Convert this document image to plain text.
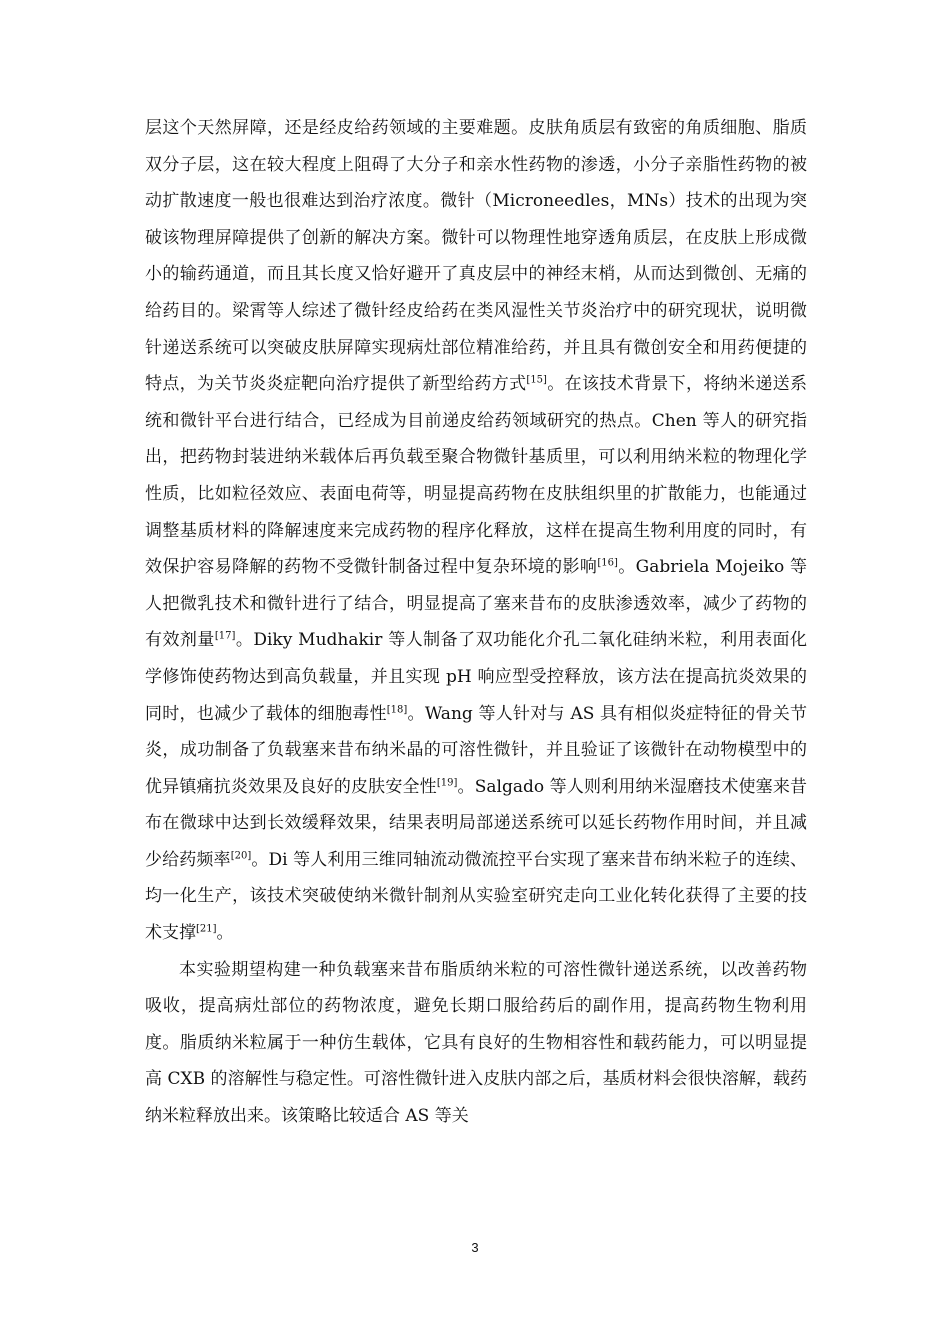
层这个天然屏障，还是经皮给药领域的主要难题。皮肤角质层有致密的角质细胞、脂质双分子层，这在较大程度上阻碍了大分子和亲水性药物的渗透，小分子亲脂性药物的被动扩散速度一般也很难达到治疗浓度。微针（Microneedles，MNs）技术的出现为突破该物理屏障提供了创新的解决方案。微针可以物理性地穿透角质层，在皮肤上形成微小的输药通道，而且其长度又恰好避开了真皮层中的神经末梢，从而达到微创、无痛的给药目的。梁霄等人综述了微针经皮给药在类风湿性关节炎治疗中的研究现状，说明微针递送系统可以突破皮肤屏障实现病灶部位精准给药，并且具有微创安全和用药便捷的特点，为关节炎炎症靶向治疗提供了新型给药方式[15]。在该技术背景下，将纳米递送系统和微针平台进行结合，已经成为目前递皮给药领域研究的热点。Chen 等人的研究指出，把药物封装进纳米载体后再负载至聚合物微针基质里，可以利用纳米粒的物理化学性质，比如粒径效应、表面电荷等，明显提高药物在皮肤组织里的扩散能力，也能通过调整基质材料的降解速度来完成药物的程序化释放，这样在提高生物利用度的同时，有效保护容易降解的药物不受微针制备过程中复杂环境的影响[16]。Gabriela Mojeiko 等人把微乳技术和微针进行了结合，明显提高了塞来昔布的皮肤渗透效率，减少了药物的有效剂量[17]。Diky Mudhakir 等人制备了双功能化介孔二氧化硅纳米粒，利用表面化学修饰使药物达到高负载量，并且实现 pH 响应型受控释放，该方法在提高抗炎效果的同时，也减少了载体的细胞毒性[18]。Wang 等人针对与 AS 具有相似炎症特征的骨关节炎，成功制备了负载塞来昔布纳米晶的可溶性微针，并且验证了该微针在动物模型中的优异镇痛抗炎效果及良好的皮肤安全性[19]。Salgado 等人则利用纳米湿磨技术使塞来昔布在微球中达到长效缓释效果，结果表明局部递送系统可以延长药物作用时间，并且减少给药频率[20]。Di 等人利用三维同轴流动微流控平台实现了塞来昔布纳米粒子的连续、均一化生产，该技术突破使纳米微针制剂从实验室研究走向工业化转化获得了主要的技术支撑[21]。

本实验期望构建一种负载塞来昔布脂质纳米粒的可溶性微针递送系统，以改善药物吸收，提高病灶部位的药物浓度，避免长期口服给药后的副作用，提高药物生物利用度。脂质纳米粒属于一种仿生载体，它具有良好的生物相容性和载药能力，可以明显提高 CXB 的溶解性与稳定性。可溶性微针进入皮肤内部之后，基质材料会很快溶解，载药纳米粒释放出来。该策略比较适合 AS 等关

3
